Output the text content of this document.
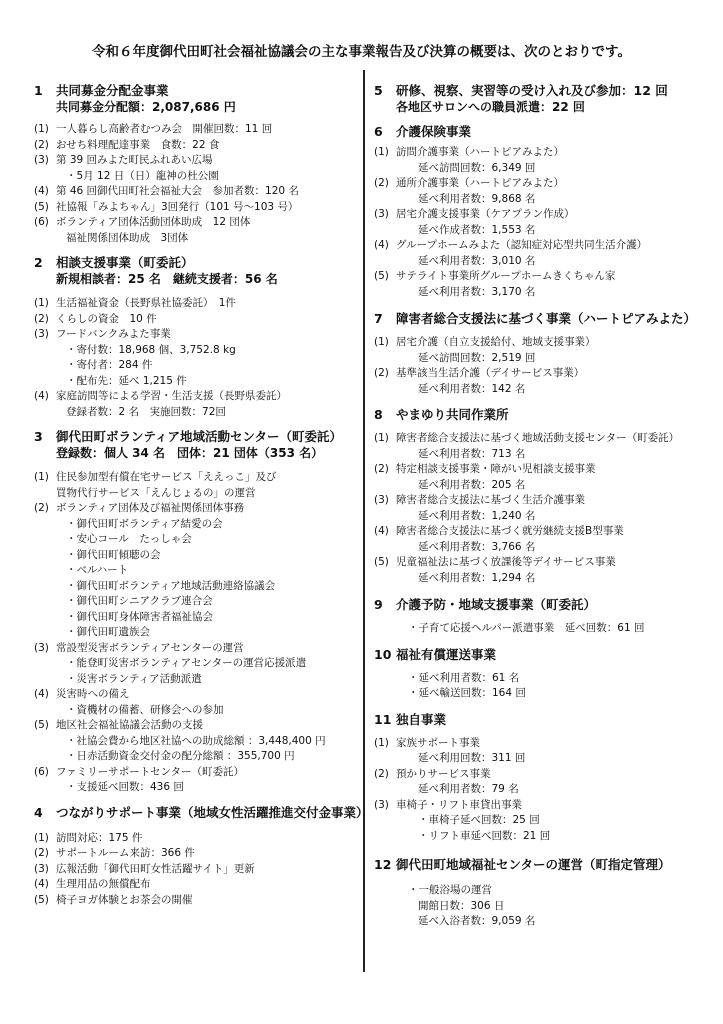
令和６年度御代田町社会福祉協議会の主な事業報告及び決算の概要は、次のとおりです。
1 共同募金分配金事業
共同募金分配額：2,087,686 円
(1) 一人暮らし高齢者むつみ会　開催回数：11 回
(2) おせち料理配達事業　食数：22 食
(3) 第 39 回みよた町民ふれあい広場
・5月 12 日（日）龍神の杜公園
(4) 第 46 回御代田町社会福祉大会　参加者数：120 名
(5) 社協報「みよちゃん」3回発行（101 号～103 号）
(6) ボランティア団体活動団体助成　12 団体
福祉関係団体助成　3団体
2 相談支援事業（町委託）
新規相談者：25 名　継続支援者：56 名
(1) 生活福祉資金（長野県社協委託）　1件
(2) くらしの資金　10 件
(3) フードバンクみよた事業
・寄付数：18,968 個、3,752.8 kg
・寄付者：284 件
・配布先：延べ 1,215 件
(4) 家庭訪問等による学習・生活支援（長野県委託）
登録者数：2 名　実施回数：72回
3 御代田町ボランティア地域活動センター（町委託）
登録数：個人 34 名　団体：21 団体（353 名）
(1) 住民参加型有償在宅サービス「ええっこ」及び
買物代行サービス「えんじょるの」の運営
(2) ボランティア団体及び福祉関係団体事務
・御代田町ボランティア結愛の会
・安心コール　たっしゃ会
・御代田町傾聴の会
・ベルハート
・御代田町ボランティア地域活動連絡協議会
・御代田町シニアクラブ連合会
・御代田町身体障害者福祉協会
・御代田町遺族会
(3) 常設型災害ボランティアセンターの運営
・能登町災害ボランティアセンターの運営応援派遣
・災害ボランティア活動派遣
(4) 災害時への備え
・資機材の備蓄、研修会への参加
(5) 地区社会福祉協議会活動の支援
・社協会費から地区社協への助成総額 ：3,448,400 円
・日赤活動資金交付金の配分総額 ：355,700 円
(6) ファミリーサポートセンター（町委託）
・支援延べ回数：436 回
4 つながりサポート事業（地域女性活躍推進交付金事業）
(1) 訪問対応：175 件
(2) サポートルーム来訪：366 件
(3) 広報活動「御代田町女性活躍サイト」更新
(4) 生理用品の無償配布
(5) 椅子ヨガ体験とお茶会の開催
5 研修、視察、実習等の受け入れ及び参加：12 回
各地区サロンへの職員派遣：22 回
6 介護保険事業
(1) 訪問介護事業（ハートピアみよた）
延べ訪問回数：6,349 回
(2) 通所介護事業（ハートピアみよた）
延べ利用者数：9,868 名
(3) 居宅介護支援事業（ケアプラン作成）
延べ作成者数：1,553 名
(4) グループホームみよた（認知症対応型共同生活介護）
延べ利用者数：3,010 名
(5) サテライト事業所グループホームきくちゃん家
延べ利用者数：3,170 名
7 障害者総合支援法に基づく事業（ハートピアみよた）
(1) 居宅介護（自立支援給付、地域支援事業）
延べ訪問回数：2,519 回
(2) 基準該当生活介護（デイサービス事業）
延べ利用者数：142 名
8 やまゆり共同作業所
(1) 障害者総合支援法に基づく地域活動支援センター（町委託）
延べ利用者数：713 名
(2) 特定相談支援事業・障がい児相談支援事業
延べ利用者数：205 名
(3) 障害者総合支援法に基づく生活介護事業
延べ利用者数：1,240 名
(4) 障害者総合支援法に基づく就労継続支援B型事業
延べ利用者数：3,766 名
(5) 児童福祉法に基づく放課後等デイサービス事業
延べ利用者数：1,294 名
9 介護予防・地域支援事業（町委託）
・子育て応援ヘルパー派遣事業　延べ回数：61 回
10 福祉有償運送事業
・延べ利用者数：61 名
・延べ輸送回数：164 回
11 独自事業
(1) 家族サポート事業
延べ利用回数：311 回
(2) 預かりサービス事業
延べ利用者数：79 名
(3) 車椅子・リフト車貸出事業
・車椅子延べ回数：25 回
・リフト車延べ回数：21 回
12 御代田町地域福祉センターの運営（町指定管理）
・一般浴場の運営
開館日数：306 日
延べ入浴者数：9,059 名
